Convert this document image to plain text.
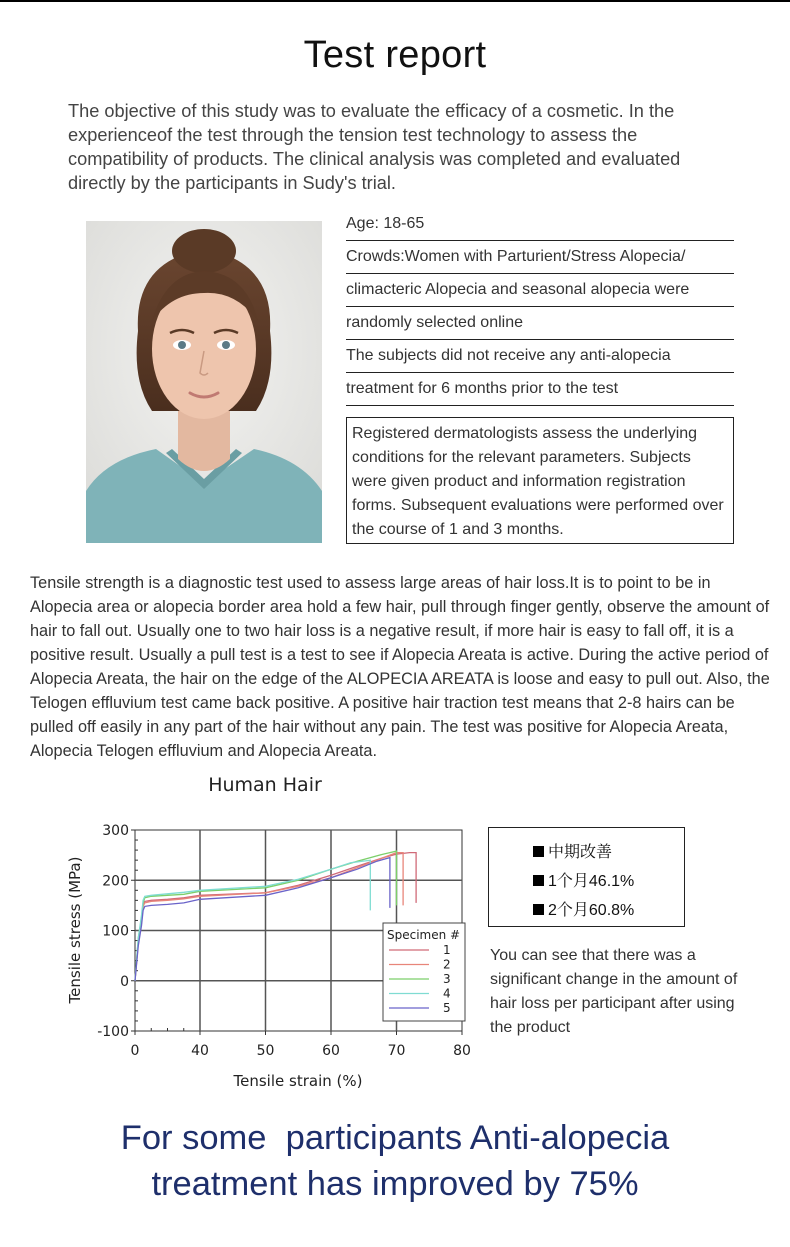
Test report

The objective of this study was to evaluate the efficacy of a cosmetic. In the experienceof the test through the tension test technology to assess the compatibility of products. The clinical analysis was completed and evaluated directly by the participants in Sudy's trial.

Age: 18-65
Crowds:Women with Parturient/Stress Alopecia/
climacteric Alopecia and seasonal alopecia were
randomly selected online
The subjects did not receive any anti-alopecia
treatment for 6 months prior to the test
Registered dermatologists assess the underlying conditions for the relevant parameters. Subjects were given product and information registration forms. Subsequent evaluations were performed over the course of 1 and 3 months.

Tensile strength is a diagnostic test used to assess large areas of hair loss.It is to point to be in Alopecia area or alopecia border area hold a few hair, pull through finger gently, observe the amount of hair to fall out. Usually one to two hair loss is a negative result, if more hair is easy to fall off, it is a positive result. Usually a pull test is a test to see if Alopecia Areata is active. During the active period of Alopecia Areata, the hair on the edge of the ALOPECIA AREATA is loose and easy to pull out. Also, the Telogen effluvium test came back positive. A positive hair traction test means that 2-8 hairs can be pulled off easily in any part of the hair without any pain. The test was positive for Alopecia Areata, Alopecia Telogen effluvium and Alopecia Areata.

Human Hair
0	40	50	60	70	80
300
200
100
0
-100
Tensile strain (%)
Tensile stress (MPa)	Specimen #
1
2
3
4
5
中期改善
1个月46.1%
2个月60.8%

You can see that there was a significant change in the amount of hair loss per participant after using the product

For some  participants Anti-alopecia
treatment has improved by 75%
